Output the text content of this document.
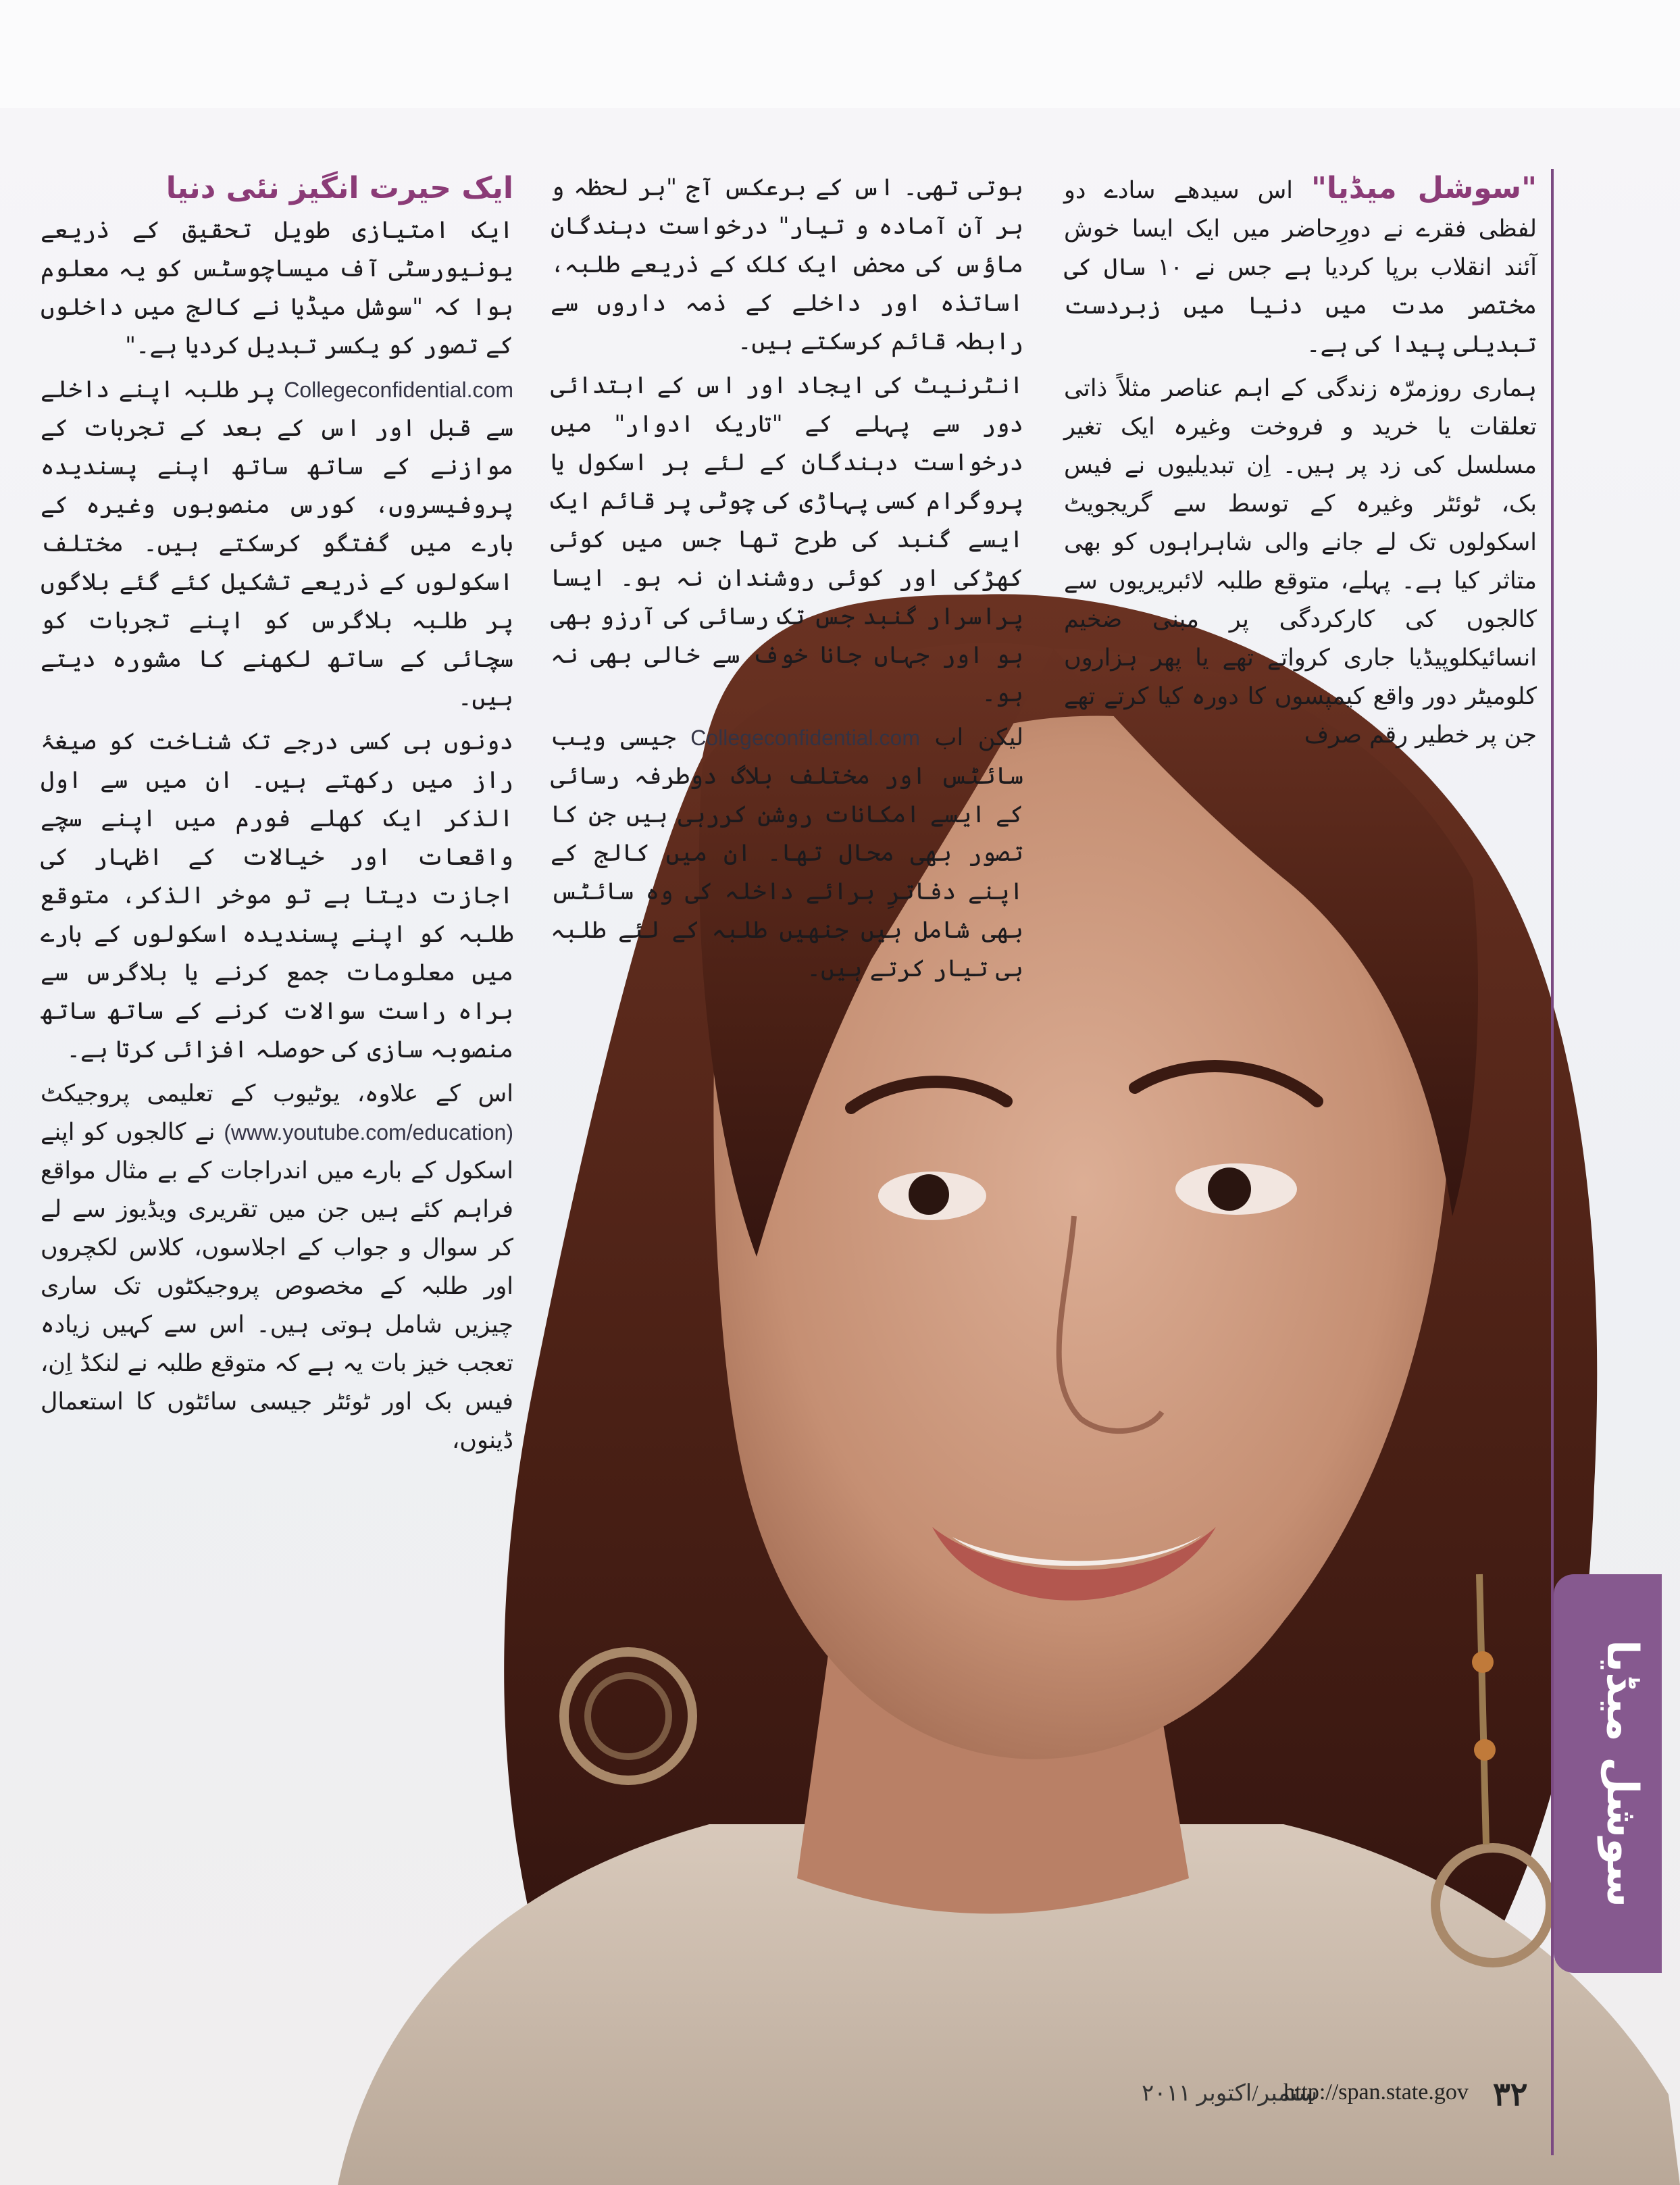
"سوشل میڈیا" اس سیدھے سادے دو لفظی فقرے نے دورِحاضر میں ایک ایسا خوش آئند انقلاب برپا کردیا ہے جس نے ۱۰ سال کی مختصر مدت میں دنیا میں زبردست تبدیلی پیدا کی ہے۔

ہماری روزمرّہ زندگی کے اہم عناصر مثلاً ذاتی تعلقات یا خرید و فروخت وغیرہ ایک تغیر مسلسل کی زد پر ہیں۔ اِن تبدیلیوں نے فیس بک، ٹوئٹر وغیرہ کے توسط سے گریجویٹ اسکولوں تک لے جانے والی شاہراہوں کو بھی متاثر کیا ہے۔ پہلے، متوقع طلبہ لائبریریوں سے کالجوں کی کارکردگی پر مبنی ضخیم انسائیکلوپیڈیا جاری کرواتے تھے یا پھر ہزاروں کلومیٹر دور واقع کیمپسوں کا دورہ کیا کرتے تھے جن پر خطیر رقم صرف

ہوتی تھی۔ اس کے برعکس آج "ہر لحظہ و ہر آن آمادہ و تیار" درخواست دہندگان ماؤس کی محض ایک کلک کے ذریعے طلبہ، اساتذہ اور داخلے کے ذمہ داروں سے رابطہ قائم کرسکتے ہیں۔

انٹرنیٹ کی ایجاد اور اس کے ابتدائی دور سے پہلے کے "تاریک ادوار" میں درخواست دہندگان کے لئے ہر اسکول یا پروگرام کسی پہاڑی کی چوٹی پر قائم ایک ایسے گنبد کی طرح تھا جس میں کوئی کھڑکی اور کوئی روشندان نہ ہو۔ ایسا پراسرار گنبد جس تک رسائی کی آرزو بھی ہو اور جہاں جانا خوف سے خالی بھی نہ ہو۔

لیکن اب Collegeconfidential.com جیسی ویب سائٹس اور مختلف بلاگ دوطرفہ رسائی کے ایسے امکانات روشن کررہی ہیں جن کا تصور بھی محال تھا۔ ان میں کالج کے اپنے دفاترِ برائے داخلہ کی وہ سائٹس بھی شامل ہیں جنھیں طلبہ کے لئے طلبہ ہی تیار کرتے ہیں۔

ایک حیرت انگیز نئی دنیا

ایک امتیازی طویل تحقیق کے ذریعے یونیورسٹی آف میساچوسٹس کو یہ معلوم ہوا کہ "سوشل میڈیا نے کالج میں داخلوں کے تصور کو یکسر تبدیل کردیا ہے۔"

Collegeconfidential.com پر طلبہ اپنے داخلے سے قبل اور اس کے بعد کے تجربات کے موازنے کے ساتھ ساتھ اپنے پسندیدہ پروفیسروں، کورس منصوبوں وغیرہ کے بارے میں گفتگو کرسکتے ہیں۔ مختلف اسکولوں کے ذریعے تشکیل کئے گئے بلاگوں پر طلبہ بلاگرس کو اپنے تجربات کو سچائی کے ساتھ لکھنے کا مشورہ دیتے ہیں۔

دونوں ہی کسی درجے تک شناخت کو صیغۂ راز میں رکھتے ہیں۔ ان میں سے اول الذکر ایک کھلے فورم میں اپنے سچے واقعات اور خیالات کے اظہار کی اجازت دیتا ہے تو موخر الذکر، متوقع طلبہ کو اپنے پسندیدہ اسکولوں کے بارے میں معلومات جمع کرنے یا بلاگرس سے براہ راست سوالات کرنے کے ساتھ ساتھ منصوبہ سازی کی حوصلہ افزائی کرتا ہے۔

اس کے علاوہ، یوٹیوب کے تعلیمی پروجیکٹ (www.youtube.com/education) نے کالجوں کو اپنے اسکول کے بارے میں اندراجات کے بے مثال مواقع فراہم کئے ہیں جن میں تقریری ویڈیوز سے لے کر سوال و جواب کے اجلاسوں، کلاس لکچروں اور طلبہ کے مخصوص پروجیکٹوں تک ساری چیزیں شامل ہوتی ہیں۔ اس سے کہیں زیادہ تعجب خیز بات یہ ہے کہ متوقع طلبہ نے لنکڈ اِن، فیس بک اور ٹوئٹر جیسی سائٹوں کا استعمال ڈینوں،

سوشل میڈیا
ستمبر/اکتوبر ۲۰۱۱
http://span.state.gov ۳۲
